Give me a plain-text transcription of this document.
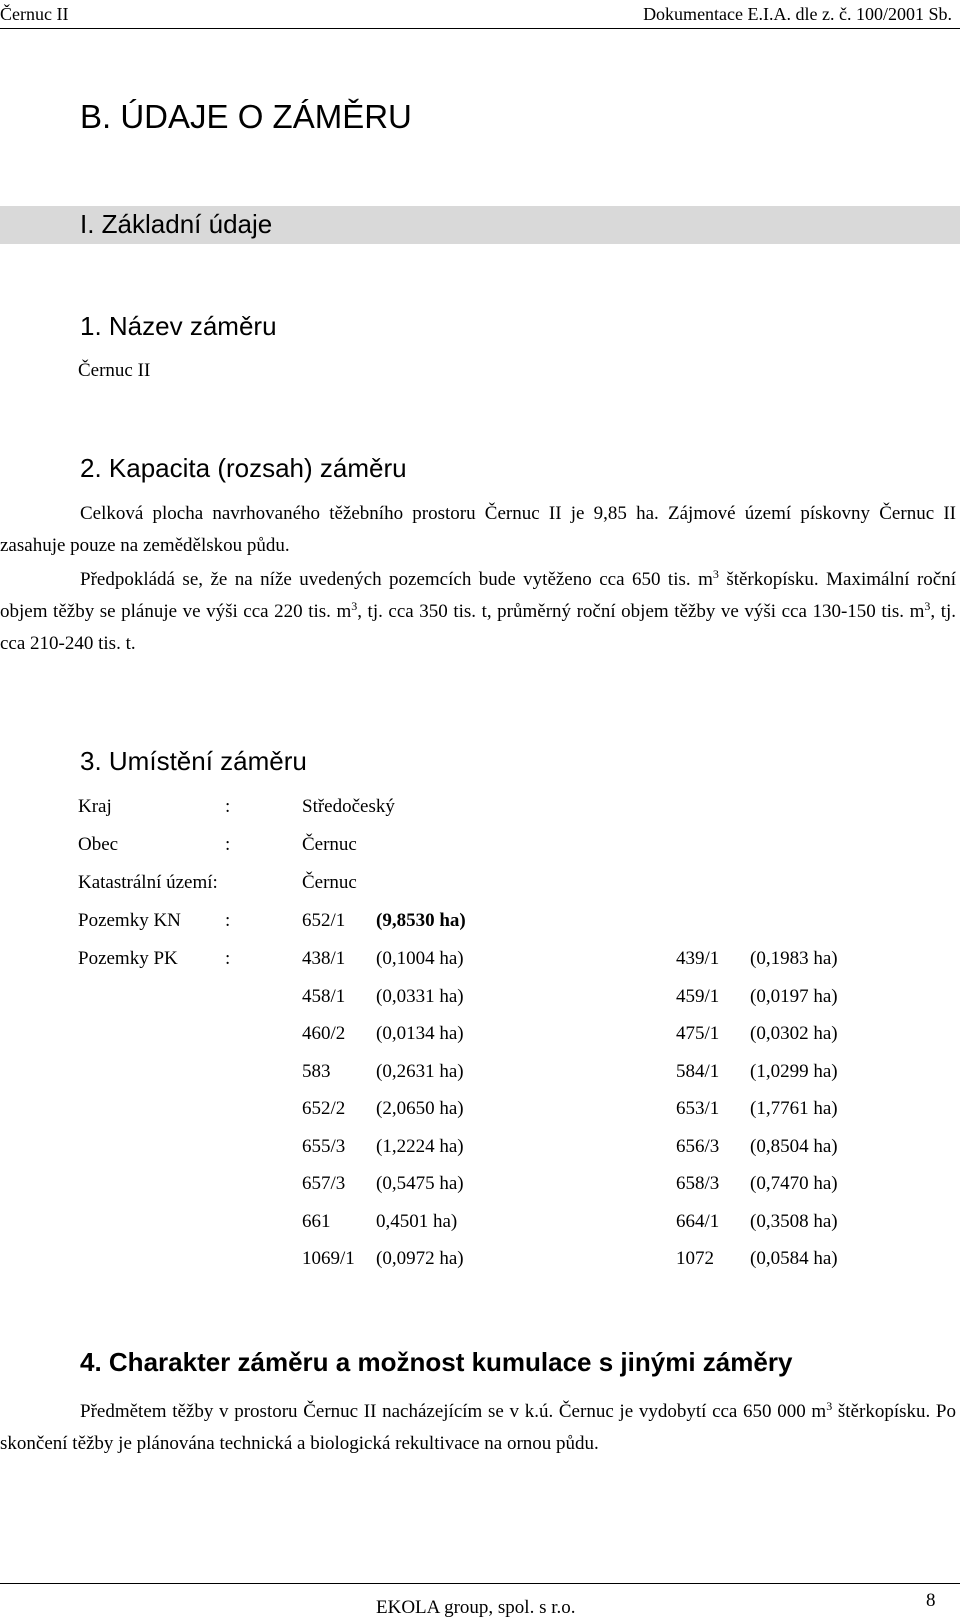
Černuc II	Dokumentace E.I.A. dle z. č. 100/2001 Sb.
B. ÚDAJE O ZÁMĚRU
I. Základní údaje
1. Název záměru
Černuc II
2. Kapacita (rozsah) záměru
Celková plocha navrhovaného těžebního prostoru Černuc II je 9,85 ha. Zájmové území pískovny Černuc II zasahuje pouze na zemědělskou půdu.
Předpokládá se, že na níže uvedených pozemcích bude vytěženo cca 650 tis. $m^3$ štěrkopísku. Maximální roční objem těžby se plánuje ve výši cca 220 tis. $m^3$, tj. cca 350 tis. t, průměrný roční objem těžby ve výši cca 130-150 tis. $m^3$, tj. cca 210-240 tis. t.
3. Umístění záměru
Kraj	:	Středočeský
Obec	:	Černuc
Katastrální území:	Černuc
Pozemky KN :	652/1 (9,8530 ha)
Pozemky PK :	438/1 (0,1004 ha)	439/1 (0,1983 ha)
458/1 (0,0331 ha)	459/1 (0,0197 ha)
460/2 (0,0134 ha)	475/1 (0,0302 ha)
583 (0,2631 ha)	584/1 (1,0299 ha)
652/2 (2,0650 ha)	653/1 (1,7761 ha)
655/3 (1,2224 ha)	656/3 (0,8504 ha)
657/3 (0,5475 ha)	658/3 (0,7470 ha)
661 0,4501 ha)	664/1 (0,3508 ha)
1069/1 (0,0972 ha)	1072 (0,0584 ha)
4. Charakter záměru a možnost kumulace s jinými záměry
Předmětem těžby v prostoru Černuc II nacházejícím se v k.ú. Černuc je vydobytí cca 650 000 $m^3$ štěrkopísku. Po skončení těžby je plánována technická a biologická rekultivace na ornou půdu.
EKOLA group, spol. s r.o.	8
